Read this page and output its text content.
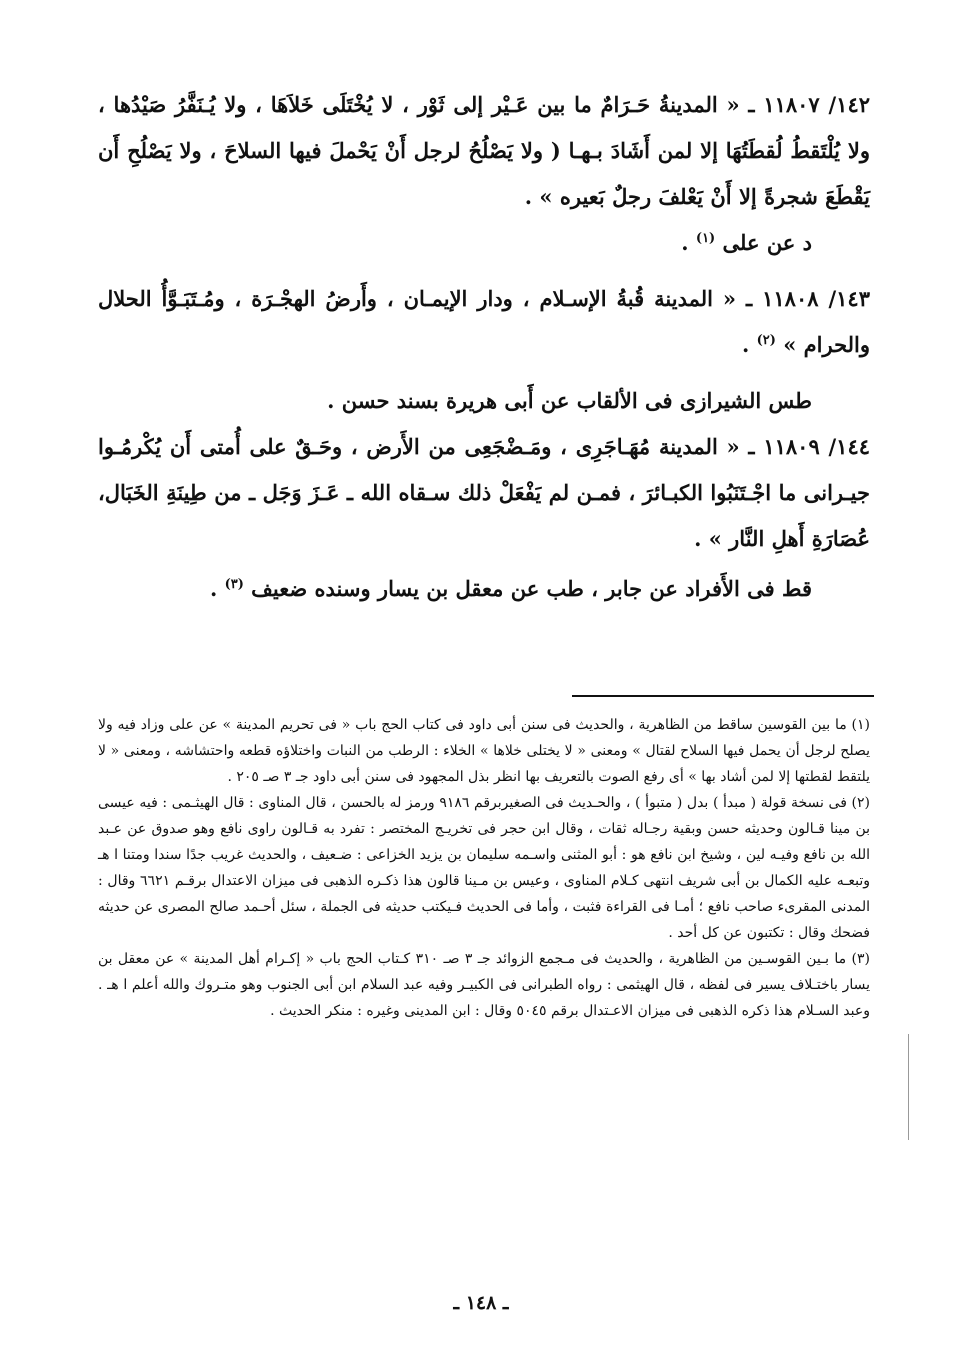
١٤٢/ ١١٨٠٧ ـ « المدينةُ حَـرَامٌ ما بين عَـيْر إلى ثَوْر ، لا يُخْتَلَى خَلاَهَا ، ولا يُـنَفَّرُ صَيْدُها ، ولا يُلْتَقطُ لُقطَتُهَا إلا لمن أَشَادَ بـهـا ( ولا يَصْلُحُ لرجل أَنْ يَحْملَ فيها السلاحَ ، ولا يَصْلُحِ أَن يَقْطَعَ شجرةً إلا أَنْ يَعْلفَ رجلٌ بَعيره » .

د عن على $^{(١)}$ .

١٤٣/ ١١٨٠٨ ـ « المدينة قُبةُ الإسـلام ، ودار الإيمـان ، وأَرضُ الهجْـرَة ، ومُـتَبَـوَّأُ الحلال والحرام » $^{(٢)}$ .

طس الشيرازى فى الألقاب عن أَبى هريرة بسند حسن .

١٤٤/ ١١٨٠٩ ـ « المدينة مُهَـاجَرِى ، ومَـضْجَعِى من الأَرض ، وحَـقٌ على أُمتى أَن يُكْرمُـوا جيـرانى ما اجْـتَنَبُوا الكبـائرَ ، فمـن لم يَفْعَلْ ذلك سـقاه الله ـ عَـزَ وَجَل ـ من طِينَةِ الخَبَال، عُصَارَةِ أَهلِ النَّار » .

قط فى الأَفراد عن جابر ، طب عن معقل بن يسار وسنده ضعيف $^{(٣)}$ .

(١) ما بين القوسين ساقط من الظاهرية ، والحديث فى سنن أبى داود فى كتاب الحج باب « فى تحريم المدينة » عن على وزاد فيه ولا يصلح لرجل أن يحمل فيها السلاح لقتال » ومعنى « لا يختلى خلاها » الخلاء : الرطب من النبات واختلاؤه قطعه واحتشاشه ، ومعنى « لا يلتقط لقطتها إلا لمن أشاد بها » أى رفع الصوت بالتعريف بها انظر بذل المجهود فى سنن أبى داود جـ ٣ صـ ٢٠٥ .

(٢) فى نسخة قولة ( مبدأ ) بدل ( متبوأ ) ، والحـديث فى الصغيربرقم ٩١٨٦ ورمز له بالحسن ، قال المناوى : قال الهيثـمى : فيه عيسى بن مينا قـالون وحديثه حسن وبقية رجـاله ثقات ، وقال ابن حجر فى تخريـج المختصر : تفرد به قـالون راوى نافع وهو صدوق عن عـبد الله بن نافع وفيـه لين ، وشيخ ابن نافع هو : أبو المثنى واسـمه سليمان بن يزيد الخزاعى : ضـعيف ، والحديث غريب جدًا سندا ومتنا ا هـ وتبعـه عليه الكمال بن أبى شريف انتهى كـلام المناوى ، وعيس بن مـينا قالون هذا ذكـره الذهبى فى ميزان الاعتدال برقـم ٦٦٢١ وقال : المدنى المقرىء صاحب نافع ؛ أمـا فى القراءة فثبت ، وأما فى الحديث فـيكتب حديثه فى الجملة ، سئل أحـمد صالح المصرى عن حديثه فضحك وقال : تكتبون عن كل أحد .

(٣) ما بـين القوسـين من الظاهرية ، والحديث فى مـجمع الزوائد جـ ٣ صـ ٣١٠ كـتاب الحج باب « إكـرام أهل المدينة » عن معقل بن يسار باختـلاف يسير فى لفظه ، قال الهيثمى : رواه الطبرانى فى الكبيـر وفيه عبد السلام ابن أبى الجنوب وهو متـروك والله أعلم ا هـ . وعبد السـلام هذا ذكره الذهبى فى ميزان الاعـتدال برقم ٥٠٤٥ وقال : ابن المدينى وغيره : منكر الحديث .

ـ ١٤٨ ـ
